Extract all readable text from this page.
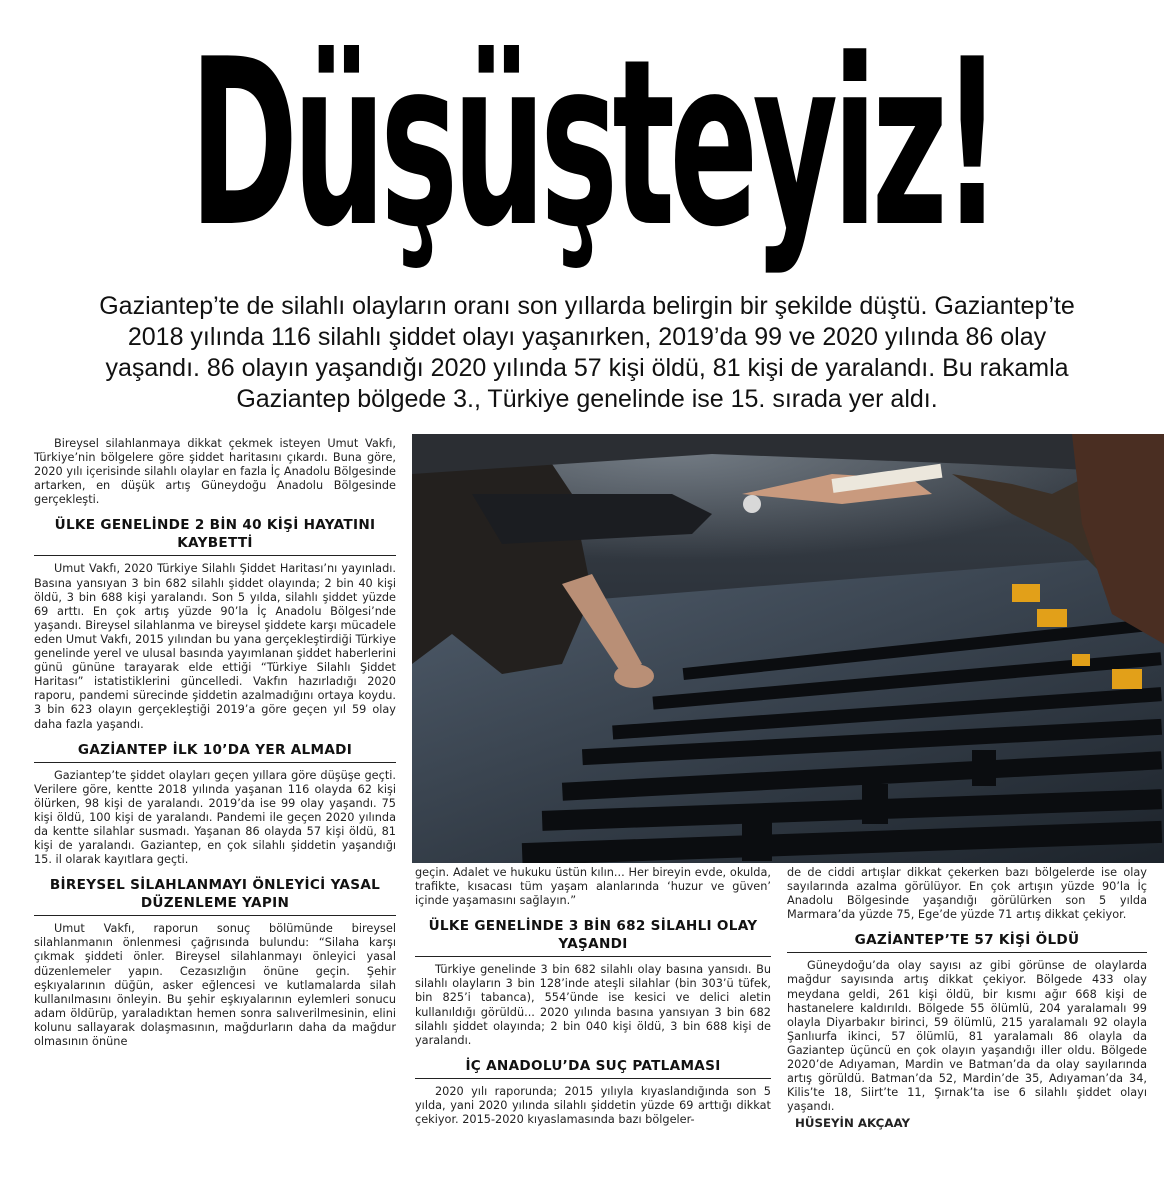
Düşüşteyiz!

Gaziantep’te de silahlı olayların oranı son yıllarda belirgin bir şekilde düştü. Gaziantep’te

2018 yılında 116 silahlı şiddet olayı yaşanırken, 2019’da 99 ve 2020 yılında 86 olay

yaşandı. 86 olayın yaşandığı 2020 yılında 57 kişi öldü, 81 kişi de yaralandı. Bu rakamla

Gaziantep bölgede 3., Türkiye genelinde ise 15. sırada yer aldı.

Bireysel silahlanmaya dikkat çekmek isteyen Umut Vakfı, Türkiye’nin bölgelere göre şiddet haritasını çıkardı. Buna göre, 2020 yılı içerisinde silahlı olaylar en fazla İç Anadolu Bölgesinde artarken, en düşük artış Güneydoğu Anadolu Bölgesinde gerçekleşti.

ÜLKE GENELİNDE 2 BİN 40 KİŞİ HAYATINI KAYBETTİ

Umut Vakfı, 2020 Türkiye Silahlı Şiddet Haritası’nı yayınladı. Basına yansıyan 3 bin 682 silahlı şiddet olayında; 2 bin 40 kişi öldü, 3 bin 688 kişi yaralandı. Son 5 yılda, silahlı şiddet yüzde 69 arttı. En çok artış yüzde 90’la İç Anadolu Bölgesi’nde yaşandı. Bireysel silahlanma ve bireysel şiddete karşı mücadele eden Umut Vakfı, 2015 yılından bu yana gerçekleştirdiği Türkiye genelinde yerel ve ulusal basında yayımlanan şiddet haberlerini günü gününe tarayarak elde ettiği “Türkiye Silahlı Şiddet Haritası” istatistiklerini güncelledi. Vakfın hazırladığı 2020 raporu, pandemi sürecinde şiddetin azalmadığını ortaya koydu. 3 bin 623 olayın gerçekleştiği 2019’a göre geçen yıl 59 olay daha fazla yaşandı.

GAZİANTEP İLK 10’DA YER ALMADI

Gaziantep’te şiddet olayları geçen yıllara göre düşüşe geçti. Verilere göre, kentte 2018 yılında yaşanan 116 olayda 62 kişi ölürken, 98 kişi de yaralandı. 2019’da ise 99 olay yaşandı. 75 kişi öldü, 100 kişi de yaralandı. Pandemi ile geçen 2020 yılında da kentte silahlar susmadı. Yaşanan 86 olayda 57 kişi öldü, 81 kişi de yaralandı. Gaziantep, en çok silahlı şiddetin yaşandığı 15. il olarak kayıtlara geçti.

BİREYSEL SİLAHLANMAYI ÖNLEYİCİ YASAL DÜZENLEME YAPIN

Umut Vakfı, raporun sonuç bölümünde bireysel silahlanmanın önlenmesi çağrısında bulundu: “Silaha karşı çıkmak şiddeti önler. Bireysel silahlanmayı önleyici yasal düzenlemeler yapın. Cezasızlığın önüne geçin. Şehir eşkıyalarının düğün, asker eğlencesi ve kutlamalarda silah kullanılmasını önleyin. Bu şehir eşkıyalarının eylemleri sonucu adam öldürüp, yaraladıktan hemen sonra salıverilmesinin, elini kolunu sallayarak dolaşmasının, mağdurların daha da mağdur olmasının önüne

geçin. Adalet ve hukuku üstün kılın... Her bireyin evde, okulda, trafikte, kısacası tüm yaşam alanlarında ‘huzur ve güven’ içinde yaşamasını sağlayın.”

ÜLKE GENELİNDE 3 BİN 682 SİLAHLI OLAY YAŞANDI

Türkiye genelinde 3 bin 682 silahlı olay basına yansıdı. Bu silahlı olayların 3 bin 128’inde ateşli silahlar (bin 303’ü tüfek, bin 825’i tabanca), 554’ünde ise kesici ve delici aletin kullanıldığı görüldü... 2020 yılında basına yansıyan 3 bin 682 silahlı şiddet olayında; 2 bin 040 kişi öldü, 3 bin 688 kişi de yaralandı.

İÇ ANADOLU’DA SUÇ PATLAMASI

2020 yılı raporunda; 2015 yılıyla kıyaslandığında son 5 yılda, yani 2020 yılında silahlı şiddetin yüzde 69 arttığı dikkat çekiyor. 2015-2020 kıyaslamasında bazı bölgeler-

de de ciddi artışlar dikkat çekerken bazı bölgelerde ise olay sayılarında azalma görülüyor. En çok artışın yüzde 90’la İç Anadolu Bölgesinde yaşandığı görülürken son 5 yılda Marmara’da yüzde 75, Ege’de yüzde 71 artış dikkat çekiyor.

GAZİANTEP’TE 57 KİŞİ ÖLDÜ

Güneydoğu’da olay sayısı az gibi görünse de olaylarda mağdur sayısında artış dikkat çekiyor. Bölgede 433 olay meydana geldi, 261 kişi öldü, bir kısmı ağır 668 kişi de hastanelere kaldırıldı. Bölgede 55 ölümlü, 204 yaralamalı 99 olayla Diyarbakır birinci, 59 ölümlü, 215 yaralamalı 92 olayla Şanlıurfa ikinci, 57 ölümlü, 81 yaralamalı 86 olayla da Gaziantep üçüncü en çok olayın yaşandığı iller oldu. Bölgede 2020’de Adıyaman, Mardin ve Batman’da da olay sayılarında artış görüldü. Batman’da 52, Mardin’de 35, Adıyaman’da 34, Kilis’te 18, Siirt’te 11, Şırnak’ta ise 6 silahlı şiddet olayı yaşandı.

HÜSEYİN AKÇAAY
